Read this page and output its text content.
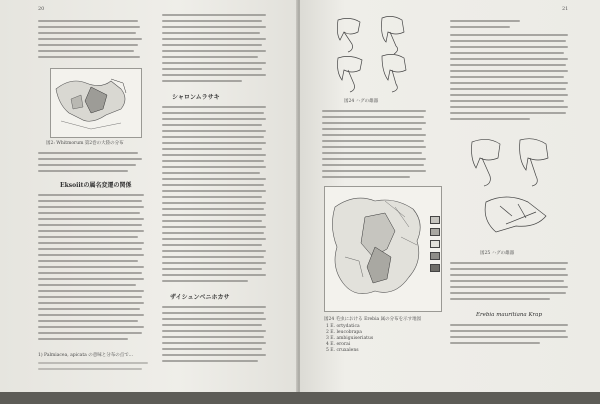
20
図2: Whitmorum 第2巻の大陸の分布
Eksoiitの属名変遷の関係
1) Palmiacea, apicata の意味と分布の点で...
シャロンムラサキ
ザイシュンベニホカサ
21
図24 ハグの雄器
図24 毛虫における Erebia 属の分布を示す地図
1 E. ortydatica
2 E. leucobrapa
3 E. ambiguiseriatus
4 E. erorai
5 E. cruxalens
図25 ハグの雄器
Erebia mauritiana Krap
